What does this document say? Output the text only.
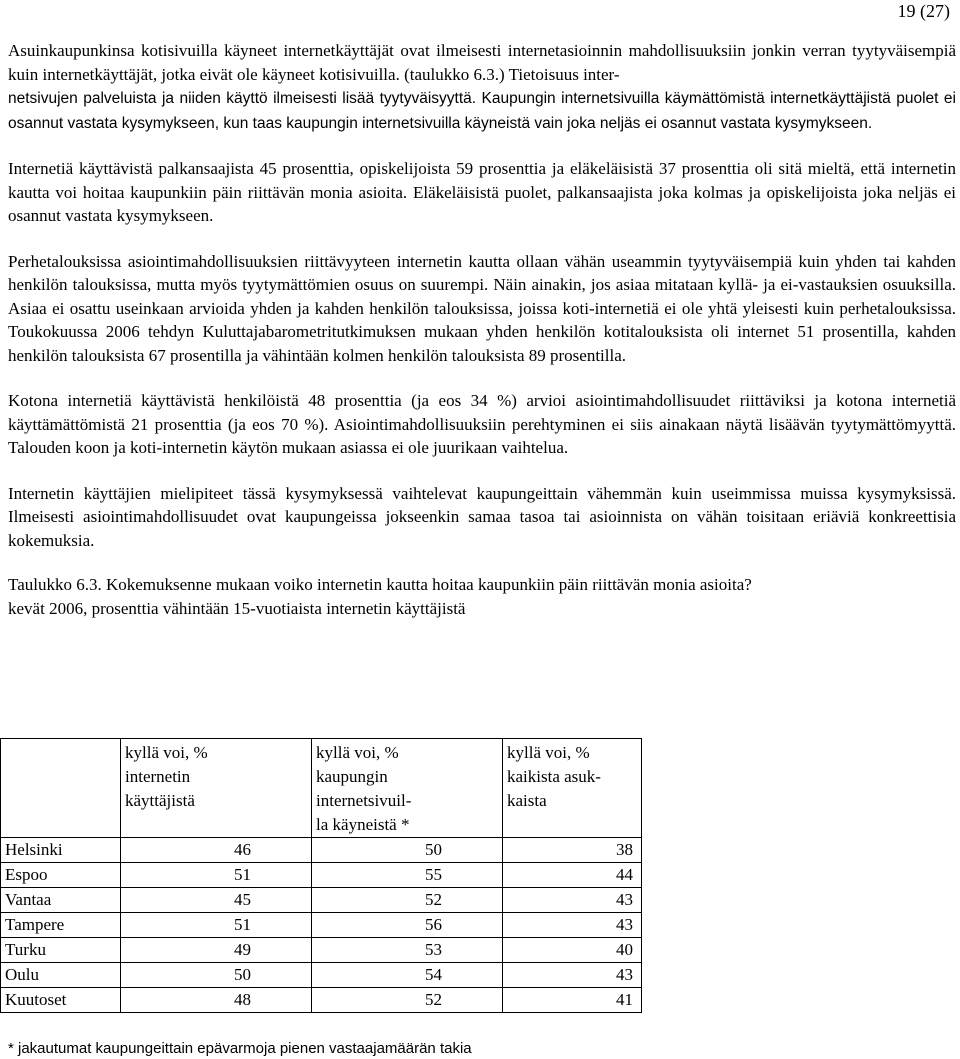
19 (27)

Asuinkaupunkinsa kotisivuilla käyneet internetkäyttäjät ovat ilmeisesti internetasioinnin mahdollisuuksiin jonkin verran tyytyväisempiä kuin internetkäyttäjät, jotka eivät ole käyneet kotisivuilla. (taulukko 6.3.) Tietoisuus inter-
netsivujen palveluista ja niiden käyttö ilmeisesti lisää tyytyväisyyttä. Kaupungin internetsivuilla käymättömistä internetkäyttäjistä puolet ei osannut vastata kysymykseen, kun taas kaupungin internetsivuilla käyneistä vain joka neljäs ei osannut vastata kysymykseen.

Internetiä käyttävistä palkansaajista 45 prosenttia, opiskelijoista 59 prosenttia ja eläkeläisistä 37 prosenttia oli sitä mieltä, että internetin kautta voi hoitaa kaupunkiin päin riittävän monia asioita. Eläkeläisistä puolet, palkansaajista joka kolmas ja opiskelijoista joka neljäs ei osannut vastata kysymykseen.

Perhetalouksissa asiointimahdollisuuksien riittävyyteen internetin kautta ollaan vähän useammin tyytyväisempiä kuin yhden tai kahden henkilön talouksissa, mutta myös tyytymättömien osuus on suurempi. Näin ainakin, jos asiaa mitataan kyllä- ja ei-vastauksien osuuksilla. Asiaa ei osattu useinkaan arvioida yhden ja kahden henkilön talouksissa, joissa koti-internetiä ei ole yhtä yleisesti kuin perhetalouksissa. Toukokuussa 2006 tehdyn Kuluttajabarometritutkimuksen mukaan yhden henkilön kotitalouksista oli internet 51 prosentilla, kahden henkilön talouksista 67 prosentilla ja vähintään kolmen henkilön talouksista 89 prosentilla.

Kotona internetiä käyttävistä henkilöistä 48 prosenttia (ja eos 34 %) arvioi asiointimahdollisuudet riittäviksi ja kotona internetiä käyttämättömistä 21 prosenttia (ja eos 70 %). Asiointimahdollisuuksiin perehtyminen ei siis ainakaan näytä lisäävän tyytymättömyyttä. Talouden koon ja koti-internetin käytön mukaan asiassa ei ole juurikaan vaihtelua.

Internetin käyttäjien mielipiteet tässä kysymyksessä vaihtelevat kaupungeittain vähemmän kuin useimmissa muissa kysymyksissä. Ilmeisesti asiointimahdollisuudet ovat kaupungeissa jokseenkin samaa tasoa tai asioinnista on vähän toisitaan eriäviä konkreettisia kokemuksia.

Taulukko 6.3. Kokemuksenne mukaan voiko internetin kautta hoitaa kaupunkiin päin riittävän monia asioita?

kevät 2006, prosenttia vähintään 15-vuotiaista internetin käyttäjistä

	kyllä voi, %
internetin
käyttäjistä	kyllä voi, %
kaupungin
internetsivuil-
la käyneistä *	kyllä voi, %
kaikista asuk-
kaista

Helsinki	46	50	38
Espoo	51	55	44
Vantaa	45	52	43
Tampere	51	56	43
Turku	49	53	40
Oulu	50	54	43
Kuutoset	48	52	41
* jakautumat kaupungeittain epävarmoja pienen vastaajamäärän takia
